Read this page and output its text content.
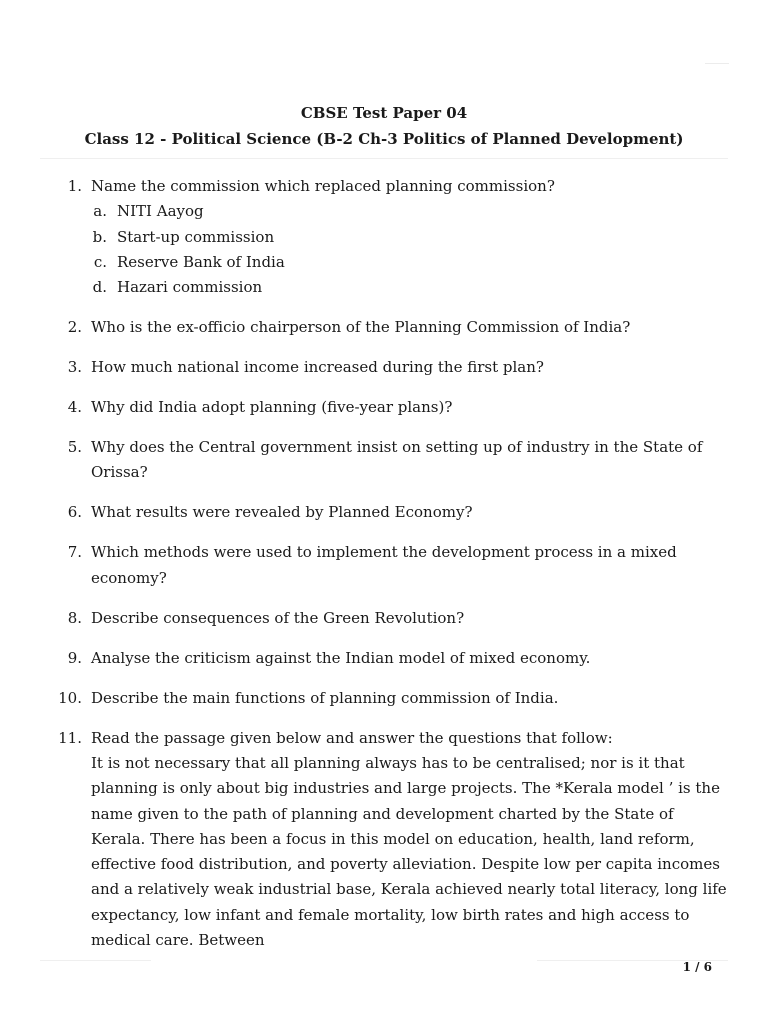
CBSE Test Paper 04
Class 12 - Political Science (B-2 Ch-3 Politics of Planned Development)
1. Name the commission which replaced planning commission?
a. NITI Aayog
b. Start-up commission
c. Reserve Bank of India
d. Hazari commission
2. Who is the ex-officio chairperson of the Planning Commission of India?
3. How much national income increased during the first plan?
4. Why did India adopt planning (five-year plans)?
5. Why does the Central government insist on setting up of industry in the State of Orissa?
6. What results were revealed by Planned Economy?
7. Which methods were used to implement the development process in a mixed economy?
8. Describe consequences of the Green Revolution?
9. Analyse the criticism against the Indian model of mixed economy.
10. Describe the main functions of planning commission of India.
11. Read the passage given below and answer the questions that follow:
It is not necessary that all planning always has to be centralised; nor is it that planning is only about big industries and large projects. The *Kerala model ’ is the name given to the path of planning and development charted by the State of Kerala. There has been a focus in this model on education, health, land reform, effective food distribution, and poverty alleviation. Despite low per capita incomes and a relatively weak industrial base, Kerala achieved nearly total literacy, long life expectancy, low infant and female mortality, low birth rates and high access to medical care. Between
1 / 6
